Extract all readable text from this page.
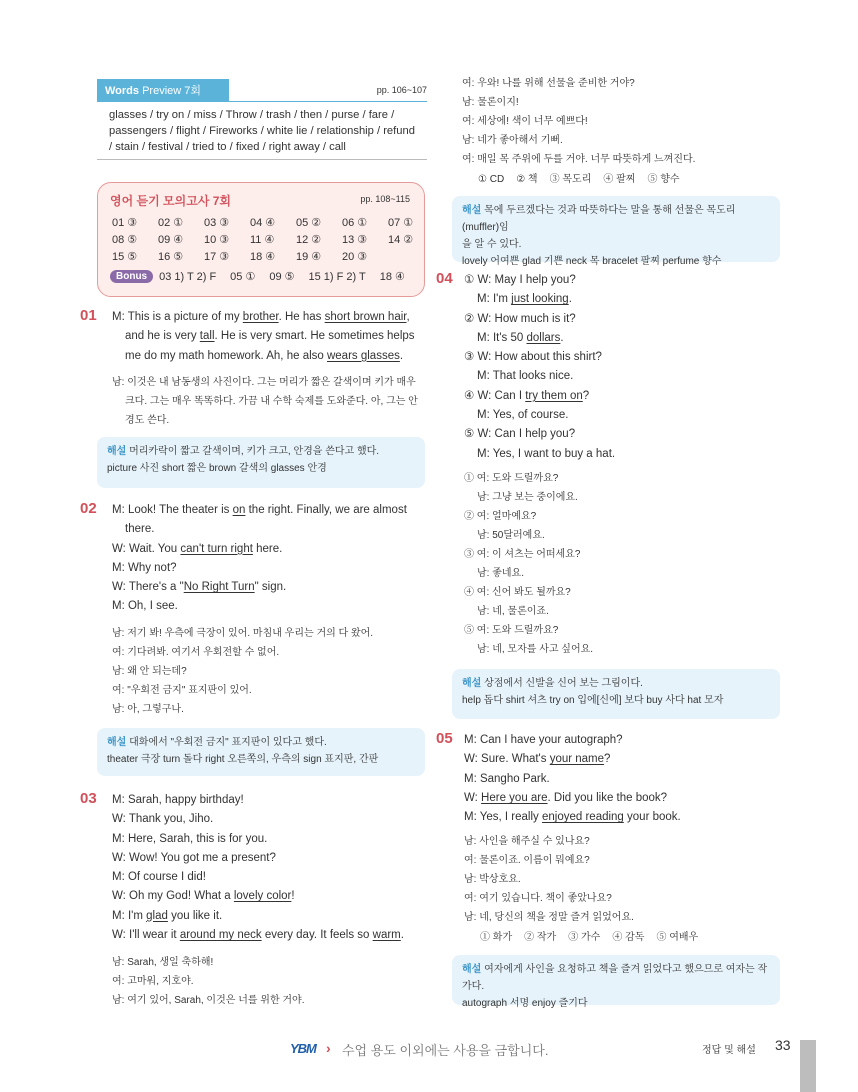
Words Preview 7회	pp. 106~107
glasses / try on / miss / Throw / trash / then / purse / fare / passengers / flight / Fireworks / white lie / relationship / refund / stain / festival / tried to / fixed / right away / call
영어 듣기 모의고사 7회	pp. 108~115
01 ③	02 ①	03 ③	04 ④	05 ②	06 ①	07 ①
08 ⑤	09 ④	10 ③	11 ④	12 ②	13 ③	14 ②
15 ⑤	16 ⑤	17 ③	18 ④	19 ④	20 ③
Bonus	03 1) T 2) F 05 ① 09 ⑤ 15 1) F 2) T 18 ④
01 M: This is a picture of my brother. He has short brown hair,
and he is very tall. He is very smart. He sometimes helps
me do my math homework. Ah, he also wears glasses.
남: 이것은 내 남동생의 사진이다. 그는 머리가 짧은 갈색이며 키가 매우
크다. 그는 매우 똑똑하다. 가끔 내 수학 숙제를 도와준다. 아, 그는 안
경도 쓴다.
해설 머리카락이 짧고 갈색이며, 키가 크고, 안경을 쓴다고 했다.
picture 사진 short 짧은 brown 갈색의 glasses 안경
02 M: Look! The theater is on the right. Finally, we are almost
there.
W: Wait. You can't turn right here.
M: Why not?
W: There's a "No Right Turn" sign.
M: Oh, I see.
남: 저기 봐! 우측에 극장이 있어. 마침내 우리는 거의 다 왔어.
여: 기다려봐. 여기서 우회전할 수 없어.
남: 왜 안 되는데?
여: "우회전 금지" 표지판이 있어.
남: 아, 그렇구나.
해설 대화에서 "우회전 금지" 표지판이 있다고 했다.
theater 극장 turn 돌다 right 오른쪽의, 우측의 sign 표지판, 간판
03 M: Sarah, happy birthday!
W: Thank you, Jiho.
M: Here, Sarah, this is for you.
W: Wow! You got me a present?
M: Of course I did!
W: Oh my God! What a lovely color!
M: I'm glad you like it.
W: I'll wear it around my neck every day. It feels so warm.
남: Sarah, 생일 축하해!
여: 고마워, 지호야.
남: 여기 있어, Sarah, 이것은 너를 위한 거야.
여: 우와! 나를 위해 선물을 준비한 거야?
남: 물론이지!
여: 세상에! 색이 너무 예쁘다!
남: 네가 좋아해서 기뻐.
여: 매일 목 주위에 두를 거야. 너무 따뜻하게 느껴진다.
① CD ② 책 ③ 목도리 ④ 팔찌 ⑤ 향수
해설 목에 두르겠다는 것과 따뜻하다는 말을 통해 선물은 목도리(muffler)임
을 알 수 있다.
lovely 어여쁜 glad 기쁜 neck 목 bracelet 팔찌 perfume 향수
04 ① W: May I help you?
M: I'm just looking.
② W: How much is it?
M: It's 50 dollars.
③ W: How about this shirt?
M: That looks nice.
④ W: Can I try them on?
M: Yes, of course.
⑤ W: Can I help you?
M: Yes, I want to buy a hat.
① 여: 도와 드릴까요?
남: 그냥 보는 중이에요.
② 여: 얼마예요?
남: 50달러예요.
③ 여: 이 셔츠는 어떠세요?
남: 좋네요.
④ 여: 신어 봐도 될까요?
남: 네, 물론이죠.
⑤ 여: 도와 드릴까요?
남: 네, 모자를 사고 싶어요.
해설 상점에서 신발을 신어 보는 그림이다.
help 돕다 shirt 셔츠 try on 입에[신에] 보다 buy 사다 hat 모자
05 M: Can I have your autograph?
W: Sure. What's your name?
M: Sangho Park.
W: Here you are. Did you like the book?
M: Yes, I really enjoyed reading your book.
남: 사인을 해주실 수 있나요?
여: 물론이죠. 이름이 뭐예요?
남: 박상호요.
여: 여기 있습니다. 책이 좋았나요?
남: 네, 당신의 책을 정말 즐겨 읽었어요.
① 화가 ② 작가 ③ 가수 ④ 감독 ⑤ 여배우
해설 여자에게 사인을 요청하고 책을 즐겨 읽었다고 했으므로 여자는 작가다.
autograph 서명 enjoy 즐기다
YBM › 수업 용도 이외에는 사용을 금합니다.	정답 및 해설 33
